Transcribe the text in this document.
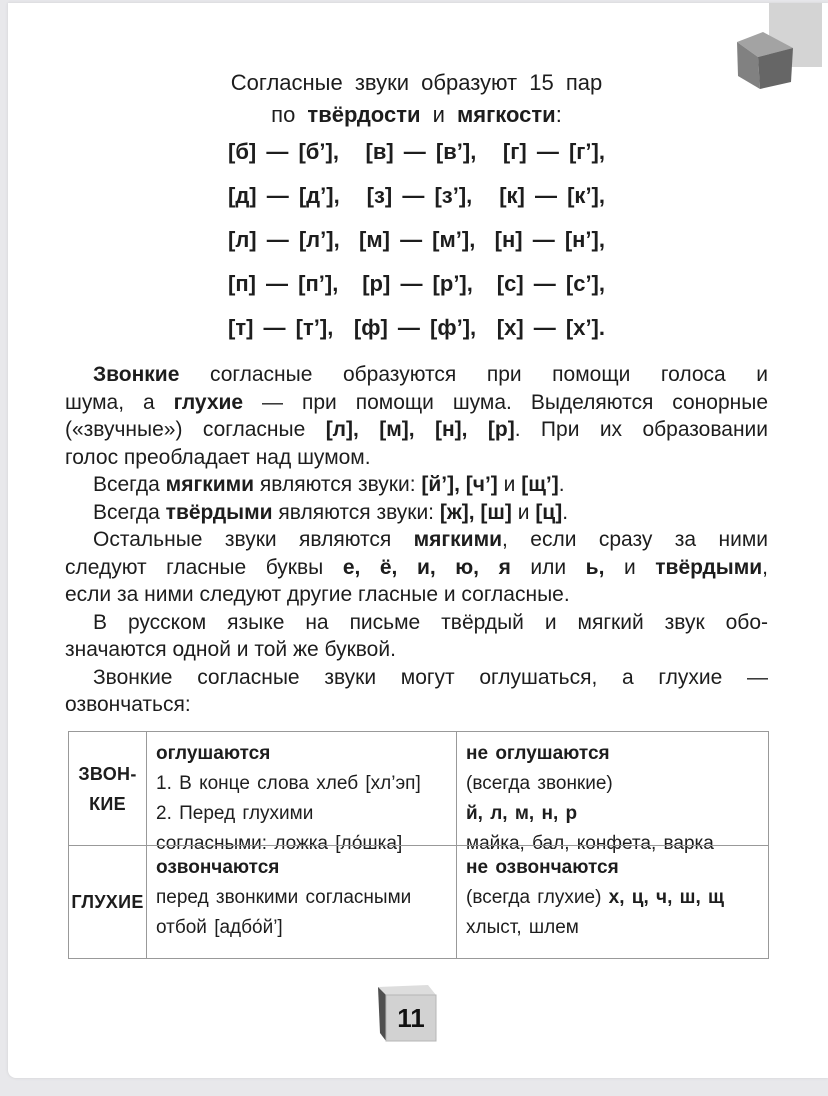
Согласные звуки образуют 15 пар
по твёрдости и мягкости:
[б] — [б’], [в] — [в’], [г] — [г’],
[д] — [д’], [з] — [з’], [к] — [к’],
[л] — [л’], [м] — [м’], [н] — [н’],
[п] — [п’], [р] — [р’], [с] — [с’],
[т] — [т’], [ф] — [ф’], [х] — [х’].
Звонкие согласные образуются при помощи голоса и
шума, а глухие — при помощи шума. Выделяются сонорные
(«звучные») согласные [л], [м], [н], [р]. При их образовании
голос преобладает над шумом.
Всегда мягкими являются звуки: [й’], [ч’] и [щ’].
Всегда твёрдыми являются звуки: [ж], [ш] и [ц].
Остальные звуки являются мягкими, если сразу за ними
следуют гласные буквы е, ё, и, ю, я или ь, и твёрдыми,
если за ними следуют другие гласные и согласные.
В русском языке на письме твёрдый и мягкий звук обо-
значаются одной и той же буквой.
Звонкие согласные звуки могут оглушаться, а глухие —
озвончаться:
ЗВОН-
КИЕ
оглушаются
1. В конце слова хлеб [хл’эп]
2. Перед глухими
согласными: ложка [ло́шка]
не оглушаются
(всегда звонкие)
й, л, м, н, р
майка, бал, конфета, варка
ГЛУХИЕ
озвончаются
перед звонкими согласными
отбой [адбо́й’]
не озвончаются
(всегда глухие) х, ц, ч, ш, щ
хлыст, шлем
11
